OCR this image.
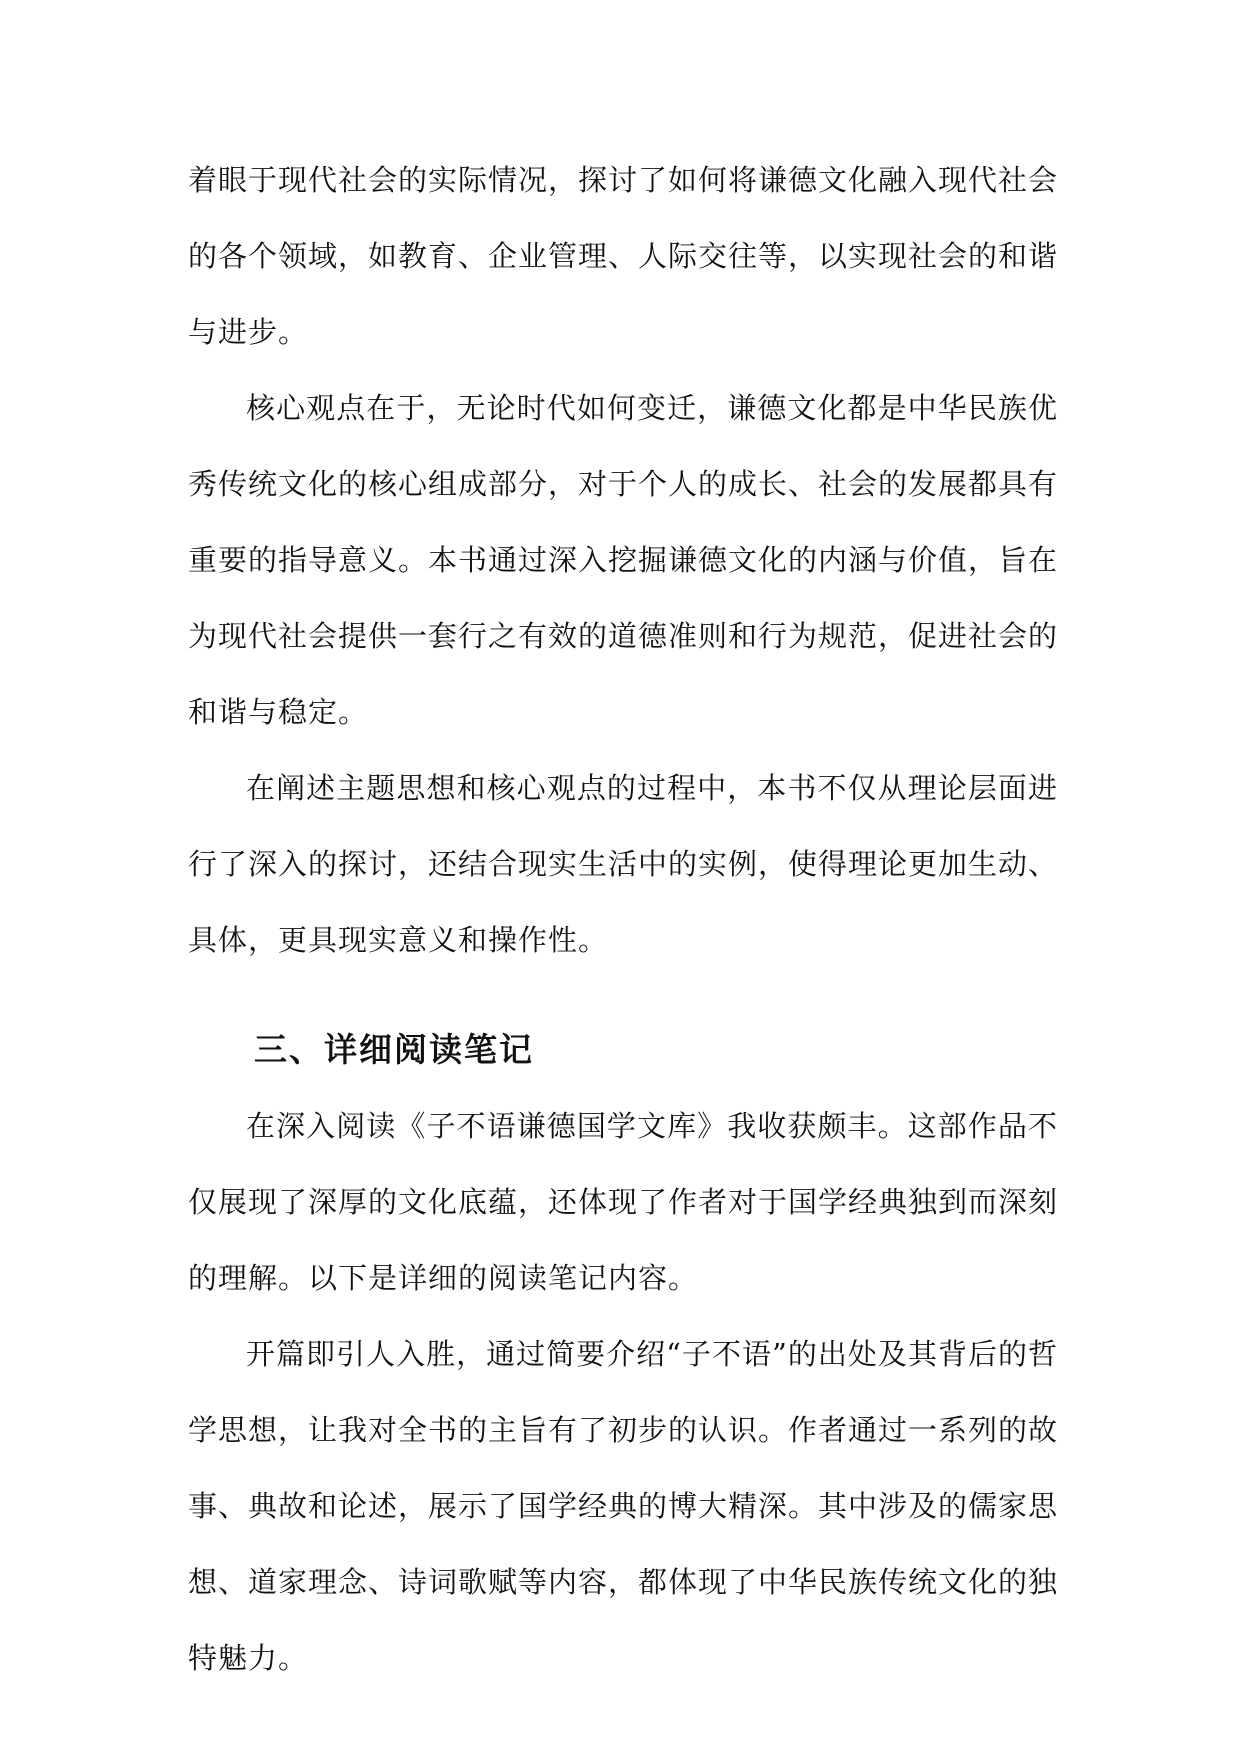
着眼于现代社会的实际情况，探讨了如何将谦德文化融入现代社会的各个领域，如教育、企业管理、人际交往等，以实现社会的和谐与进步。

核心观点在于，无论时代如何变迁，谦德文化都是中华民族优秀传统文化的核心组成部分，对于个人的成长、社会的发展都具有重要的指导意义。本书通过深入挖掘谦德文化的内涵与价值，旨在为现代社会提供一套行之有效的道德准则和行为规范，促进社会的和谐与稳定。

在阐述主题思想和核心观点的过程中，本书不仅从理论层面进行了深入的探讨，还结合现实生活中的实例，使得理论更加生动、具体，更具现实意义和操作性。

三、详细阅读笔记

在深入阅读《子不语谦德国学文库》我收获颇丰。这部作品不仅展现了深厚的文化底蕴，还体现了作者对于国学经典独到而深刻的理解。以下是详细的阅读笔记内容。

开篇即引人入胜，通过简要介绍“子不语”的出处及其背后的哲学思想，让我对全书的主旨有了初步的认识。作者通过一系列的故事、典故和论述，展示了国学经典的博大精深。其中涉及的儒家思想、道家理念、诗词歌赋等内容，都体现了中华民族传统文化的独特魅力。
